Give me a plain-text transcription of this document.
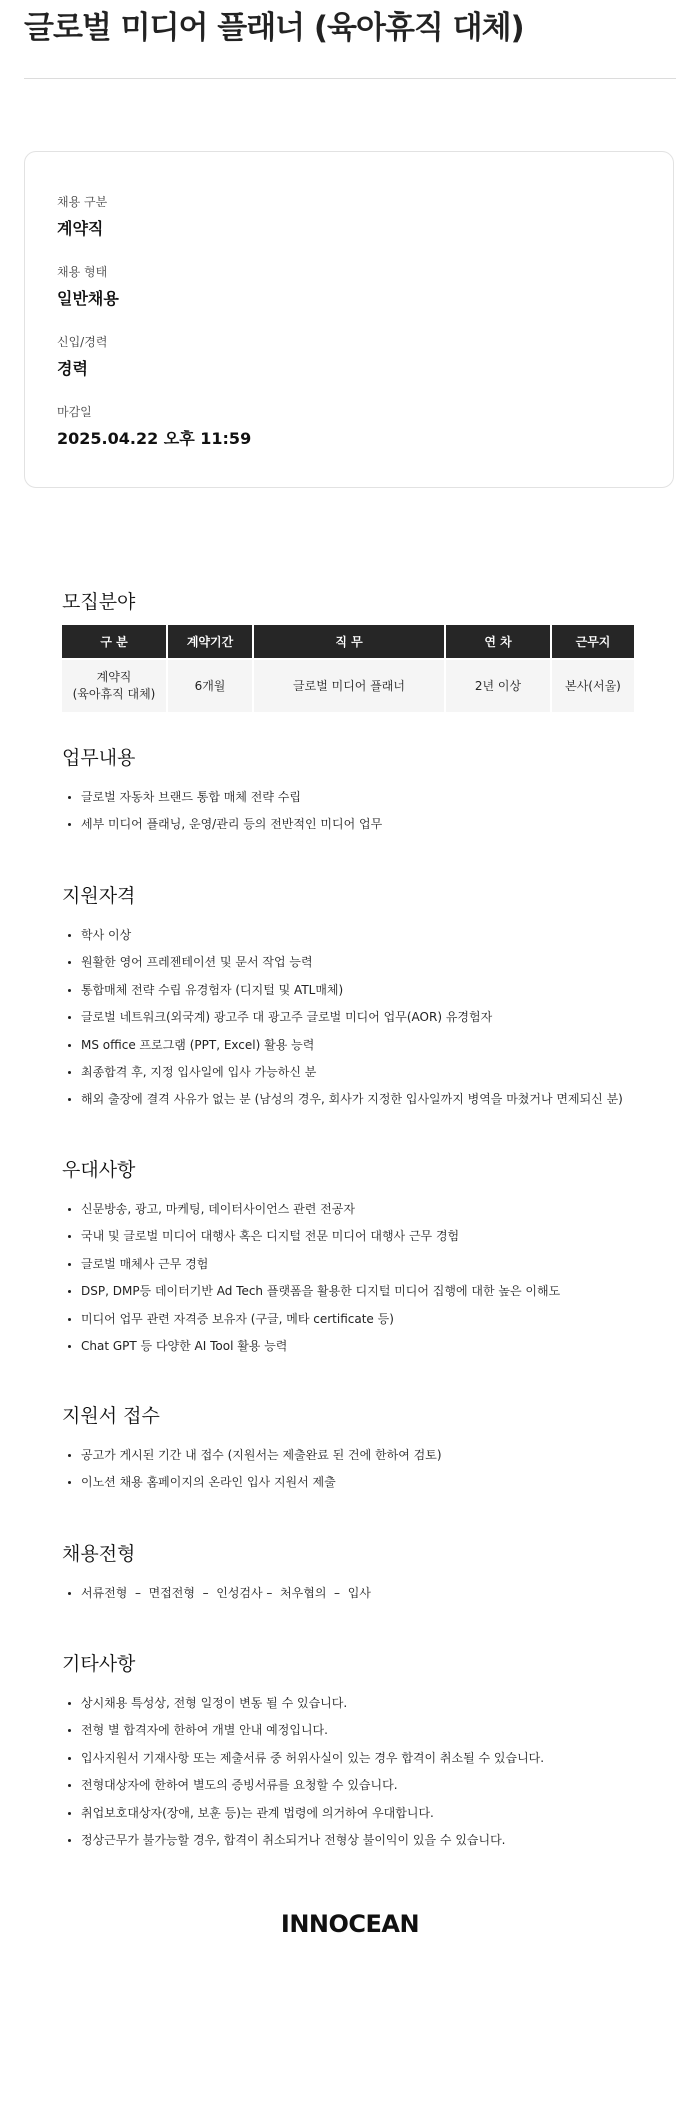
글로벌 미디어 플래너 (육아휴직 대체)
채용 구분
계약직
채용 형태
일반채용
신입/경력
경력
마감일
2025.04.22 오후 11:59
모집분야
구 분	계약기간	직 무	연 차	근무지

계약직
(육아휴직 대체)	6개월	글로벌 미디어 플래너	2년 이상	본사(서울)
업무내용
글로벌 자동차 브랜드 통합 매체 전략 수립
세부 미디어 플래닝, 운영/관리 등의 전반적인 미디어 업무
지원자격
학사 이상
원활한 영어 프레젠테이션 및 문서 작업 능력
통합매체 전략 수립 유경험자 (디지털 및 ATL매체)
글로벌 네트워크(외국계) 광고주 대 광고주 글로벌 미디어 업무(AOR) 유경험자
MS office 프로그램 (PPT, Excel) 활용 능력
최종합격 후, 지정 입사일에 입사 가능하신 분
해외 출장에 결격 사유가 없는 분 (남성의 경우, 회사가 지정한 입사일까지 병역을 마쳤거나 면제되신 분)
우대사항
신문방송, 광고, 마케팅, 데이터사이언스 관련 전공자
국내 및 글로벌 미디어 대행사 혹은 디지털 전문 미디어 대행사 근무 경험
글로벌 매체사 근무 경험
DSP, DMP등 데이터기반 Ad Tech 플랫폼을 활용한 디지털 미디어 집행에 대한 높은 이해도
미디어 업무 관련 자격증 보유자 (구글, 메타 certificate 등)
Chat GPT 등 다양한 AI Tool 활용 능력
지원서 접수
공고가 게시된 기간 내 접수 (지원서는 제출완료 된 건에 한하여 검토)
이노션 채용 홈페이지의 온라인 입사 지원서 제출
채용전형
서류전형  –  면접전형  –  인성검사 –  처우협의  –  입사
기타사항
상시채용 특성상, 전형 일정이 변동 될 수 있습니다.
전형 별 합격자에 한하여 개별 안내 예정입니다.
입사지원서 기재사항 또는 제출서류 중 허위사실이 있는 경우 합격이 취소될 수 있습니다.
전형대상자에 한하여 별도의 증빙서류를 요청할 수 있습니다.
취업보호대상자(장애, 보훈 등)는 관계 법령에 의거하여 우대합니다.
정상근무가 불가능할 경우, 합격이 취소되거나 전형상 불이익이 있을 수 있습니다.
INNOCEAN
